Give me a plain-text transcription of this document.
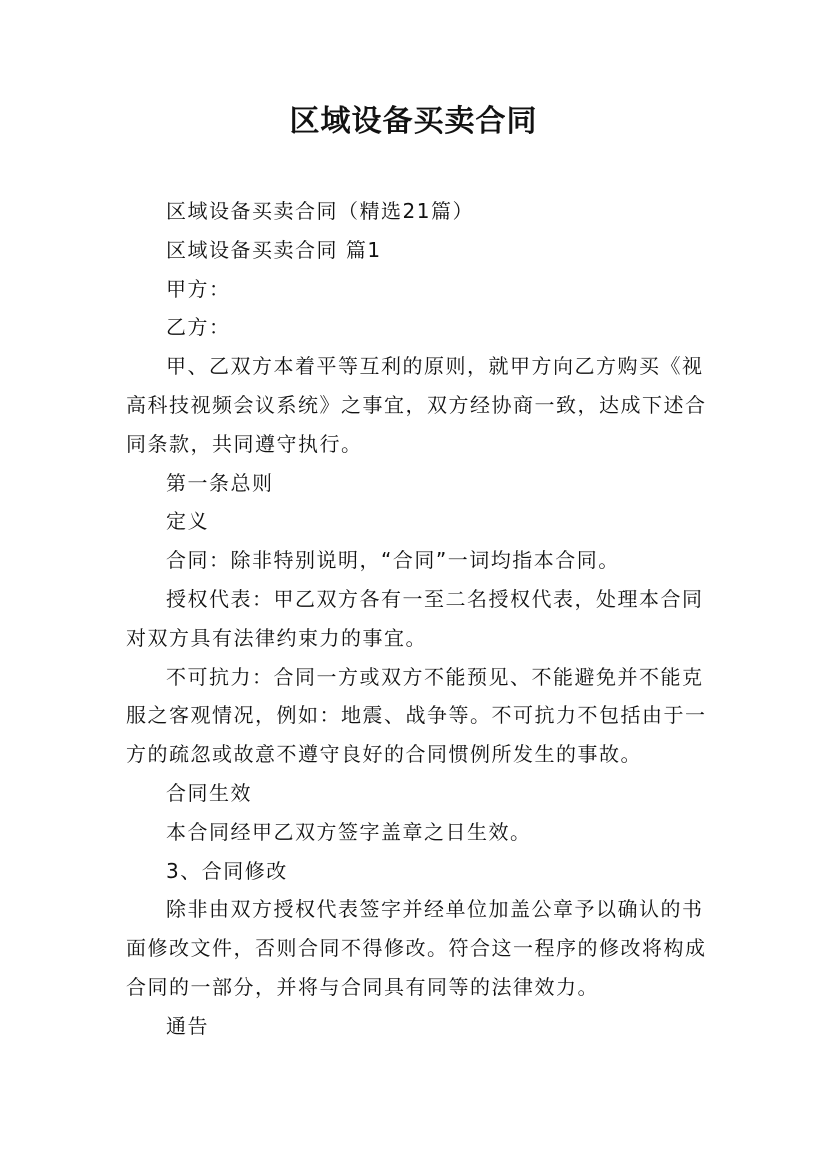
区域设备买卖合同

区域设备买卖合同（精选21篇）

区域设备买卖合同 篇1

甲方：

乙方：

甲、乙双方本着平等互利的原则，就甲方向乙方购买《视高科技视频会议系统》之事宜，双方经协商一致，达成下述合同条款，共同遵守执行。

第一条总则

定义

合同：除非特别说明，“合同”一词均指本合同。

授权代表：甲乙双方各有一至二名授权代表，处理本合同对双方具有法律约束力的事宜。

不可抗力：合同一方或双方不能预见、不能避免并不能克服之客观情况，例如：地震、战争等。不可抗力不包括由于一方的疏忽或故意不遵守良好的合同惯例所发生的事故。

合同生效

本合同经甲乙双方签字盖章之日生效。

3、合同修改

除非由双方授权代表签字并经单位加盖公章予以确认的书面修改文件，否则合同不得修改。符合这一程序的修改将构成合同的一部分，并将与合同具有同等的法律效力。

通告
